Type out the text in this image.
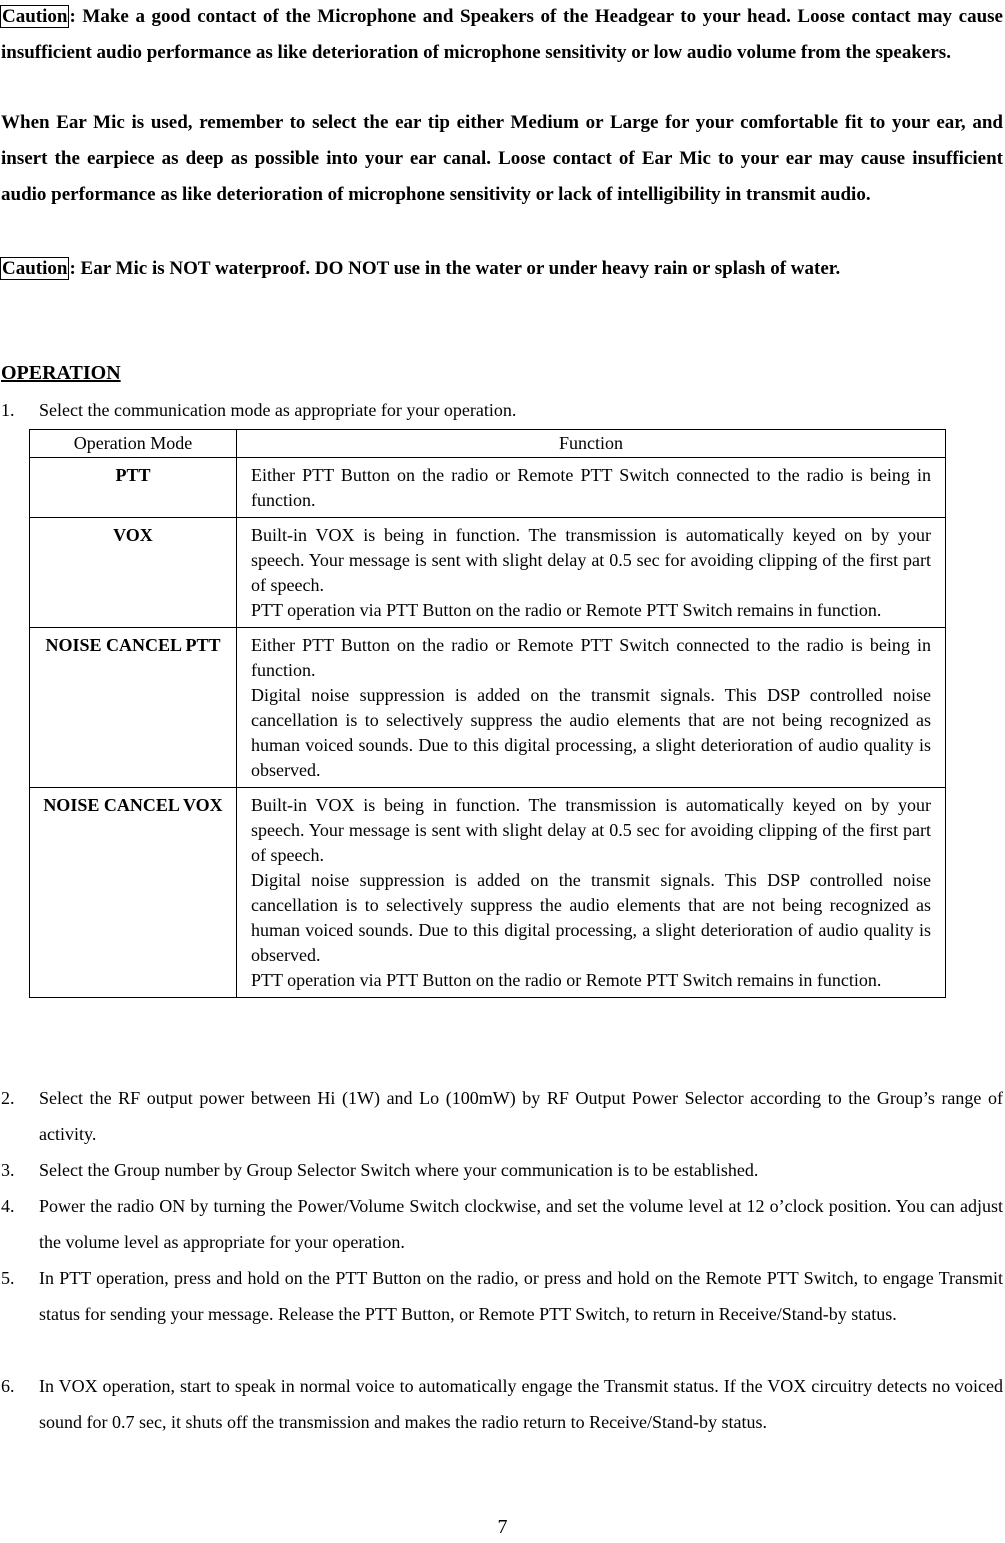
Caution : Make a good contact of the Microphone and Speakers of the Headgear to your head. Loose contact may cause insufficient audio performance as like deterioration of microphone sensitivity or low audio volume from the speakers.

When Ear Mic is used, remember to select the ear tip either Medium or Large for your comfortable fit to your ear, and insert the earpiece as deep as possible into your ear canal. Loose contact of Ear Mic to your ear may cause insufficient audio performance as like deterioration of microphone sensitivity or lack of intelligibility in transmit audio.

Caution : Ear Mic is NOT waterproof. DO NOT use in the water or under heavy rain or splash of water.

OPERATION
1.	Select the communication mode as appropriate for your operation.
Operation Mode	Function
PTT	Either PTT Button on the radio or Remote PTT Switch connected to the radio is being in function.

VOX	Built-in VOX is being in function. The transmission is automatically keyed on by your speech. Your message is sent with slight delay at 0.5 sec for avoiding clipping of the first part of speech.
PTT operation via PTT Button on the radio or Remote PTT Switch remains in function.

NOISE CANCEL PTT	Either PTT Button on the radio or Remote PTT Switch connected to the radio is being in function.
Digital noise suppression is added on the transmit signals. This DSP controlled noise cancellation is to selectively suppress the audio elements that are not being recognized as human voiced sounds. Due to this digital processing, a slight deterioration of audio quality is observed.

NOISE CANCEL VOX	Built-in VOX is being in function. The transmission is automatically keyed on by your speech. Your message is sent with slight delay at 0.5 sec for avoiding clipping of the first part of speech.
Digital noise suppression is added on the transmit signals. This DSP controlled noise cancellation is to selectively suppress the audio elements that are not being recognized as human voiced sounds. Due to this digital processing, a slight deterioration of audio quality is observed.
PTT operation via PTT Button on the radio or Remote PTT Switch remains in function.
2.	Select the RF output power between Hi (1W) and Lo (100mW) by RF Output Power Selector according to the Group’s range of activity.
3.	Select the Group number by Group Selector Switch where your communication is to be established.
4.	Power the radio ON by turning the Power/Volume Switch clockwise, and set the volume level at 12 o’clock position. You can adjust the volume level as appropriate for your operation.
5.	In PTT operation, press and hold on the PTT Button on the radio, or press and hold on the Remote PTT Switch, to engage Transmit status for sending your message. Release the PTT Button, or Remote PTT Switch, to return in Receive/Stand-by status.
6.	In VOX operation, start to speak in normal voice to automatically engage the Transmit status. If the VOX circuitry detects no voiced sound for 0.7 sec, it shuts off the transmission and makes the radio return to Receive/Stand-by status.

7
